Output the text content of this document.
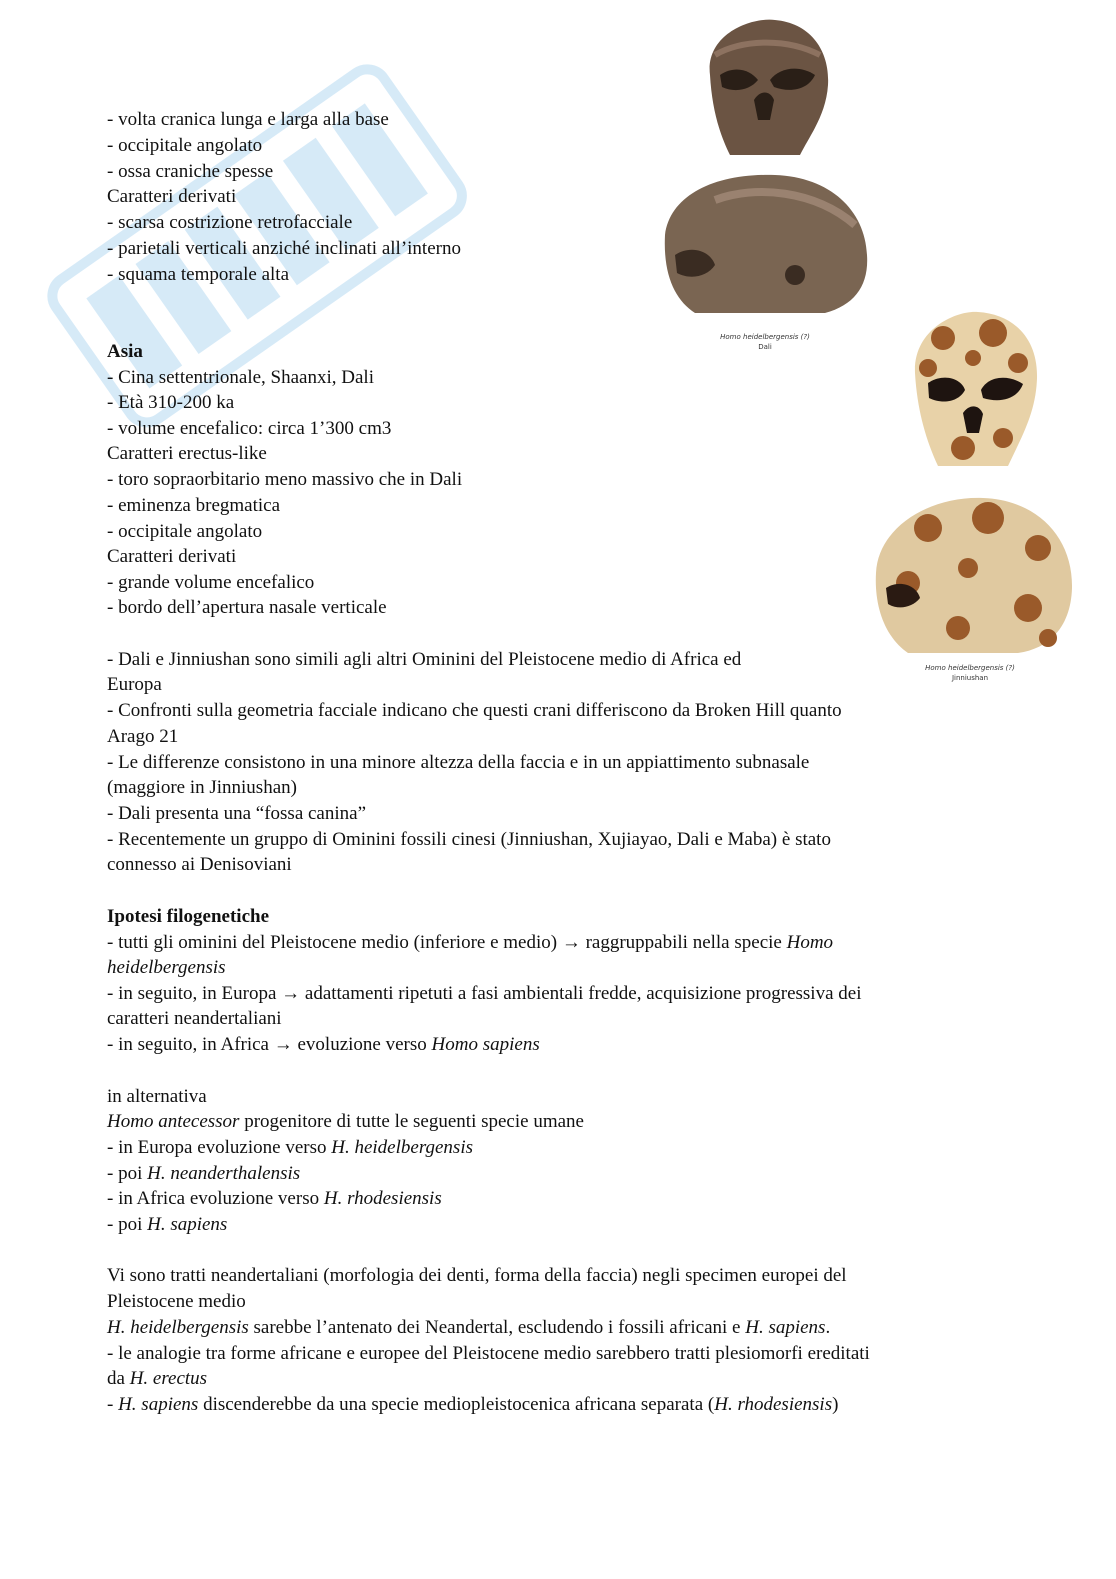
Homo heidelbergensis (?)
Dali
Homo heidelbergensis (?)
Jinniushan
- volta cranica lunga e larga alla base
- occipitale angolato
- ossa craniche spesse
Caratteri derivati
- scarsa costrizione retrofacciale
- parietali verticali anziché inclinati all’interno
- squama temporale alta
Asia
- Cina settentrionale, Shaanxi, Dali
- Età 310-200 ka
- volume encefalico: circa 1’300 cm3
Caratteri erectus-like
- toro sopraorbitario meno massivo che in Dali
- eminenza bregmatica
- occipitale angolato
Caratteri derivati
- grande volume encefalico
- bordo dell’apertura nasale verticale
- Dali e Jinniushan sono simili agli altri Ominini del Pleistocene medio di Africa ed
Europa
- Confronti sulla geometria facciale indicano che questi crani differiscono da Broken Hill quanto
Arago 21
- Le differenze consistono in una minore altezza della faccia e in un appiattimento subnasale
(maggiore in Jinniushan)
- Dali presenta una “fossa canina”
- Recentemente un gruppo di Ominini fossili cinesi (Jinniushan, Xujiayao, Dali e Maba) è stato
connesso ai Denisoviani
Ipotesi filogenetiche
- tutti gli ominini del Pleistocene medio (inferiore e medio) → raggruppabili nella specie Homo
heidelbergensis
- in seguito, in Europa → adattamenti ripetuti a fasi ambientali fredde, acquisizione progressiva dei
caratteri neandertaliani
- in seguito, in Africa → evoluzione verso Homo sapiens
in alternativa
Homo antecessor progenitore di tutte le seguenti specie umane
- in Europa evoluzione verso H. heidelbergensis
- poi H. neanderthalensis
- in Africa evoluzione verso H. rhodesiensis
- poi H. sapiens
Vi sono tratti neandertaliani (morfologia dei denti, forma della faccia) negli specimen europei del
Pleistocene medio
H. heidelbergensis sarebbe l’antenato dei Neandertal, escludendo i fossili africani e H. sapiens.
- le analogie tra forme africane e europee del Pleistocene medio sarebbero tratti plesiomorfi ereditati
da H. erectus
- H. sapiens discenderebbe da una specie mediopleistocenica africana separata (H. rhodesiensis)
